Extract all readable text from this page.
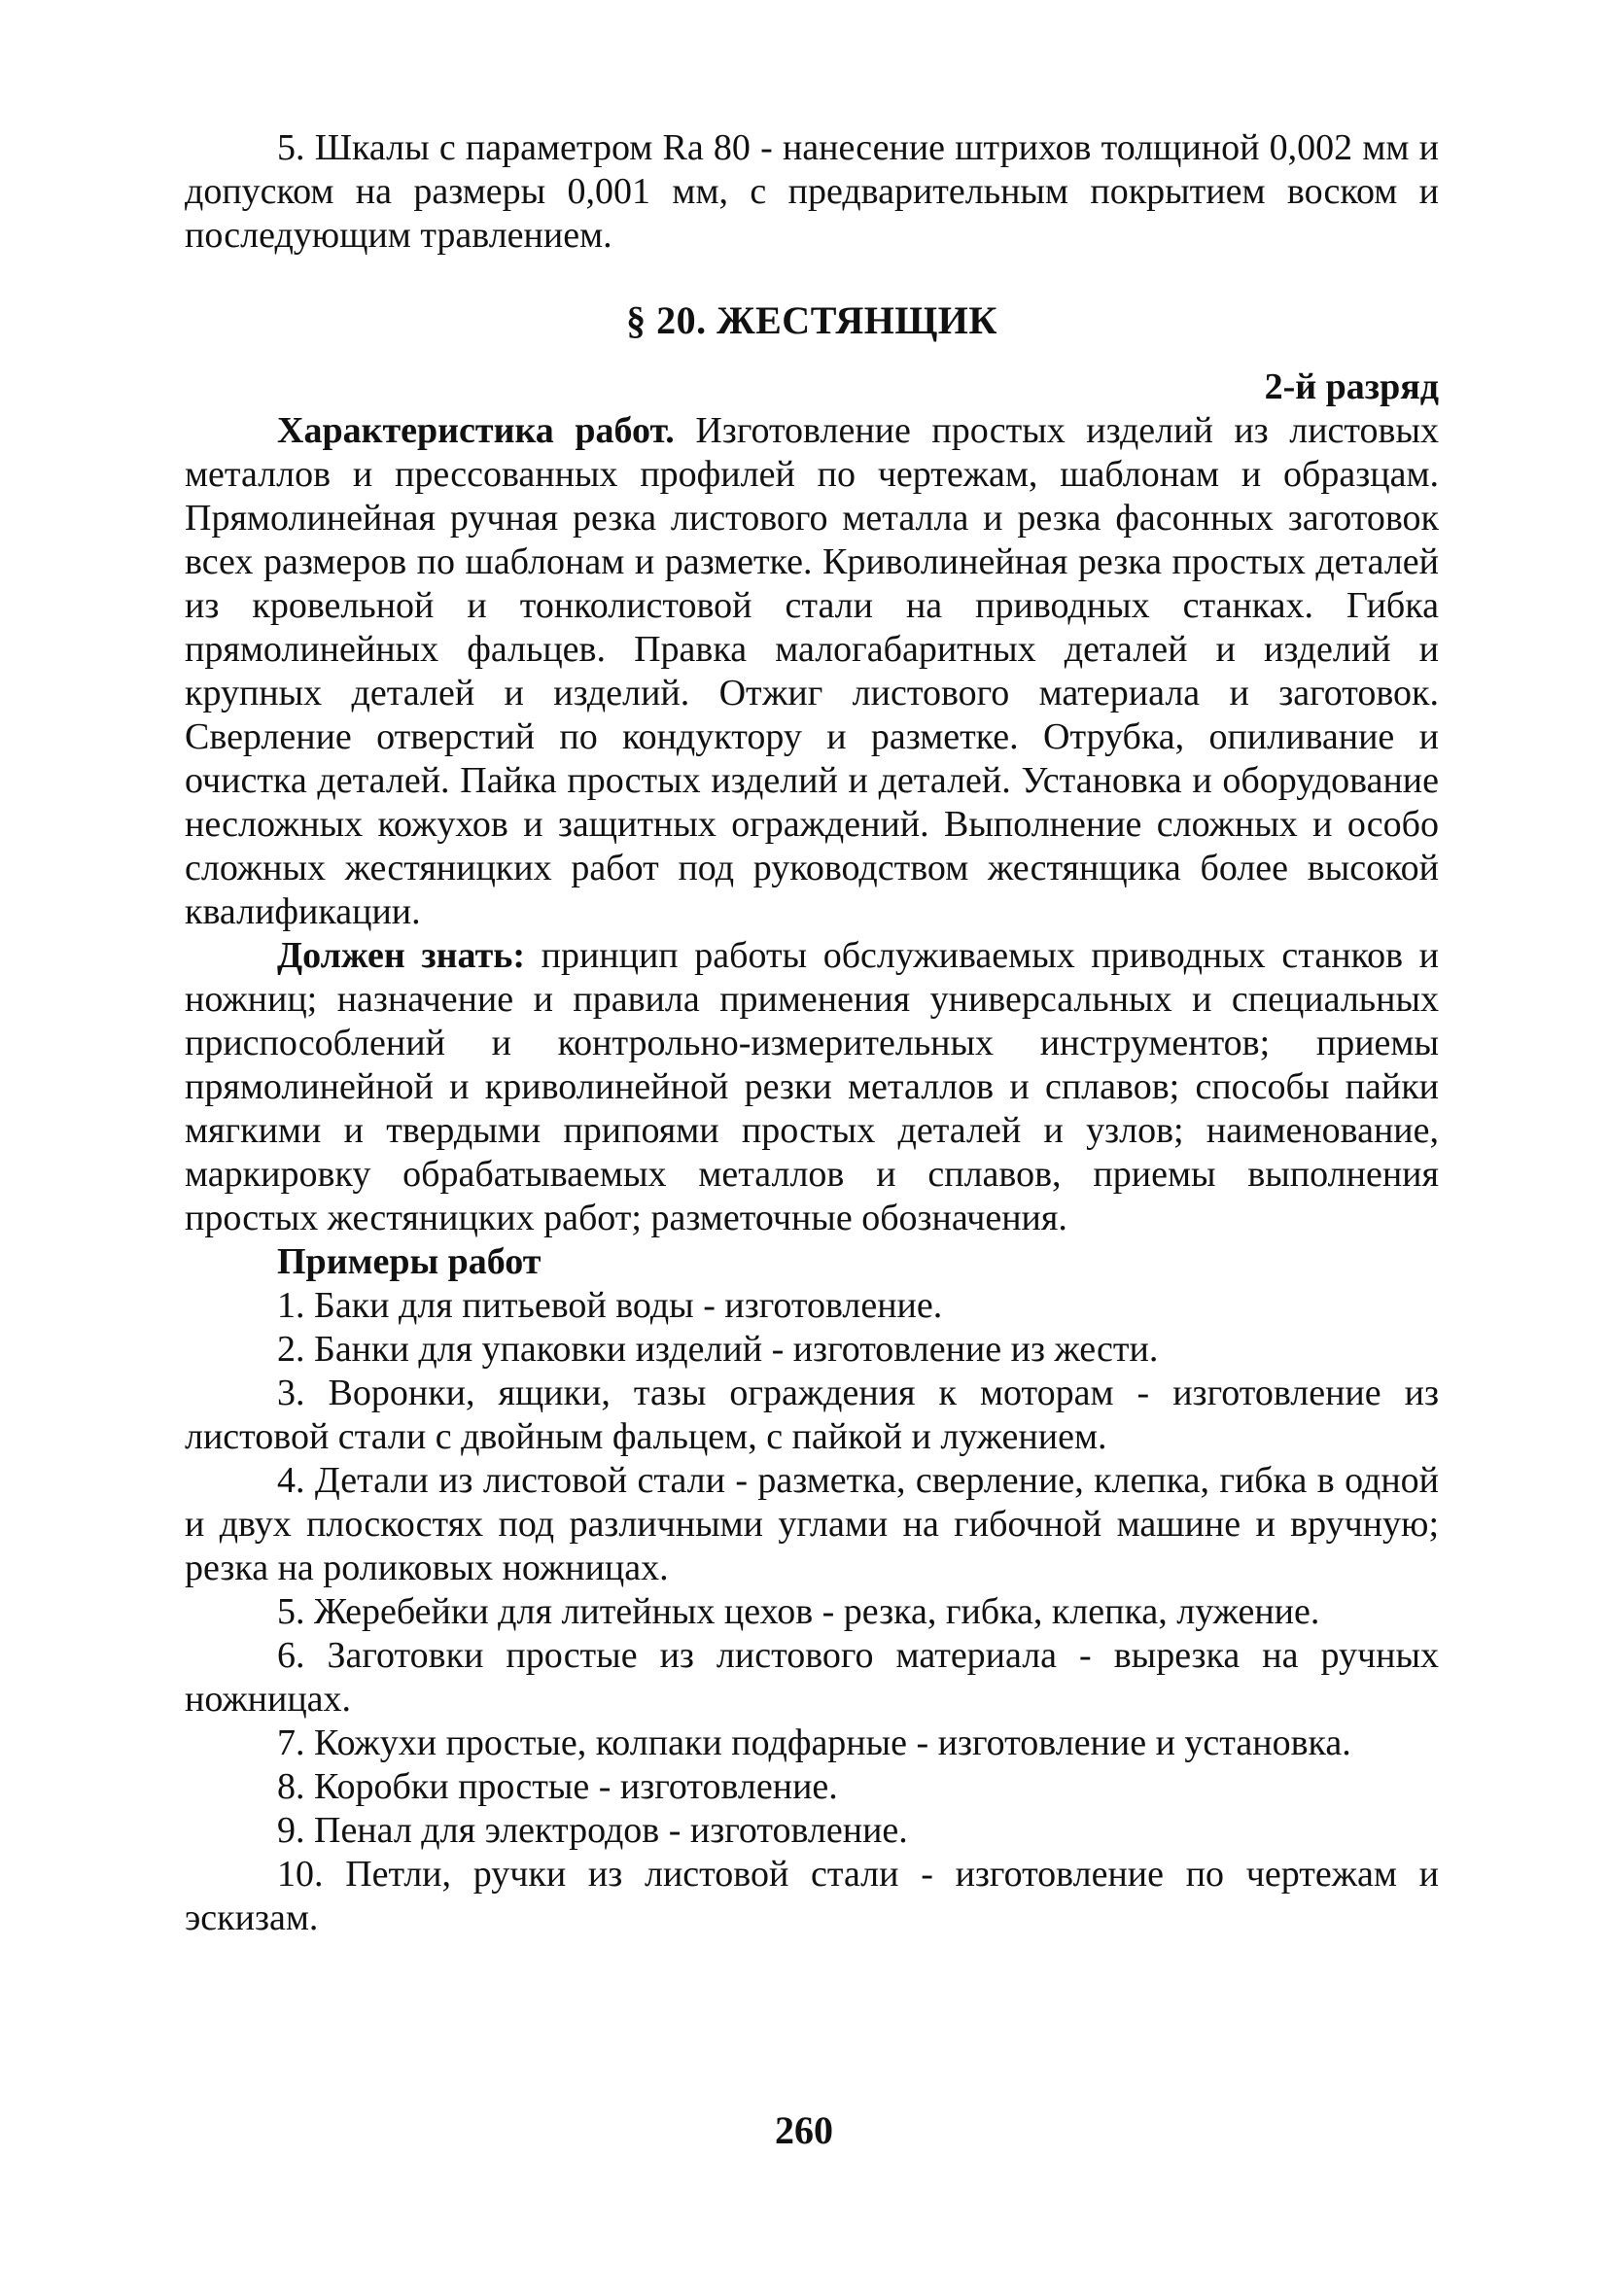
5. Шкалы с параметром Ra 80 - нанесение штрихов толщиной 0,002 мм и допуском на размеры 0,001 мм, с предварительным покрытием воском и последующим травлением.

§ 20. ЖЕСТЯНЩИК

2-й разряд

Характеристика работ. Изготовление простых изделий из листовых металлов и прессованных профилей по чертежам, шаблонам и образцам. Прямолинейная ручная резка листового металла и резка фасонных заготовок всех размеров по шаблонам и разметке. Криволинейная резка простых деталей из кровельной и тонколистовой стали на приводных станках. Гибка прямолинейных фальцев. Правка малогабаритных деталей и изделий и крупных деталей и изделий. Отжиг листового материала и заготовок. Сверление отверстий по кондуктору и разметке. Отрубка, опиливание и очистка деталей. Пайка простых изделий и деталей. Установка и оборудование несложных кожухов и защитных ограждений. Выполнение сложных и особо сложных жестяницких работ под руководством жестянщика более высокой квалификации.

Должен знать: принцип работы обслуживаемых приводных станков и ножниц; назначение и правила применения универсальных и специальных приспособлений и контрольно-измерительных инструментов; приемы прямолинейной и криволинейной резки металлов и сплавов; способы пайки мягкими и твердыми припоями простых деталей и узлов; наименование, маркировку обрабатываемых металлов и сплавов, приемы выполнения простых жестяницких работ; разметочные обозначения.

Примеры работ

1. Баки для питьевой воды - изготовление.

2. Банки для упаковки изделий - изготовление из жести.

3. Воронки, ящики, тазы ограждения к моторам - изготовление из листовой стали с двойным фальцем, с пайкой и лужением.

4. Детали из листовой стали - разметка, сверление, клепка, гибка в одной и двух плоскостях под различными углами на гибочной машине и вручную; резка на роликовых ножницах.

5. Жеребейки для литейных цехов - резка, гибка, клепка, лужение.

6. Заготовки простые из листового материала - вырезка на ручных ножницах.

7. Кожухи простые, колпаки подфарные - изготовление и установка.

8. Коробки простые - изготовление.

9. Пенал для электродов - изготовление.

10. Петли, ручки из листовой стали - изготовление по чертежам и эскизам.

260
